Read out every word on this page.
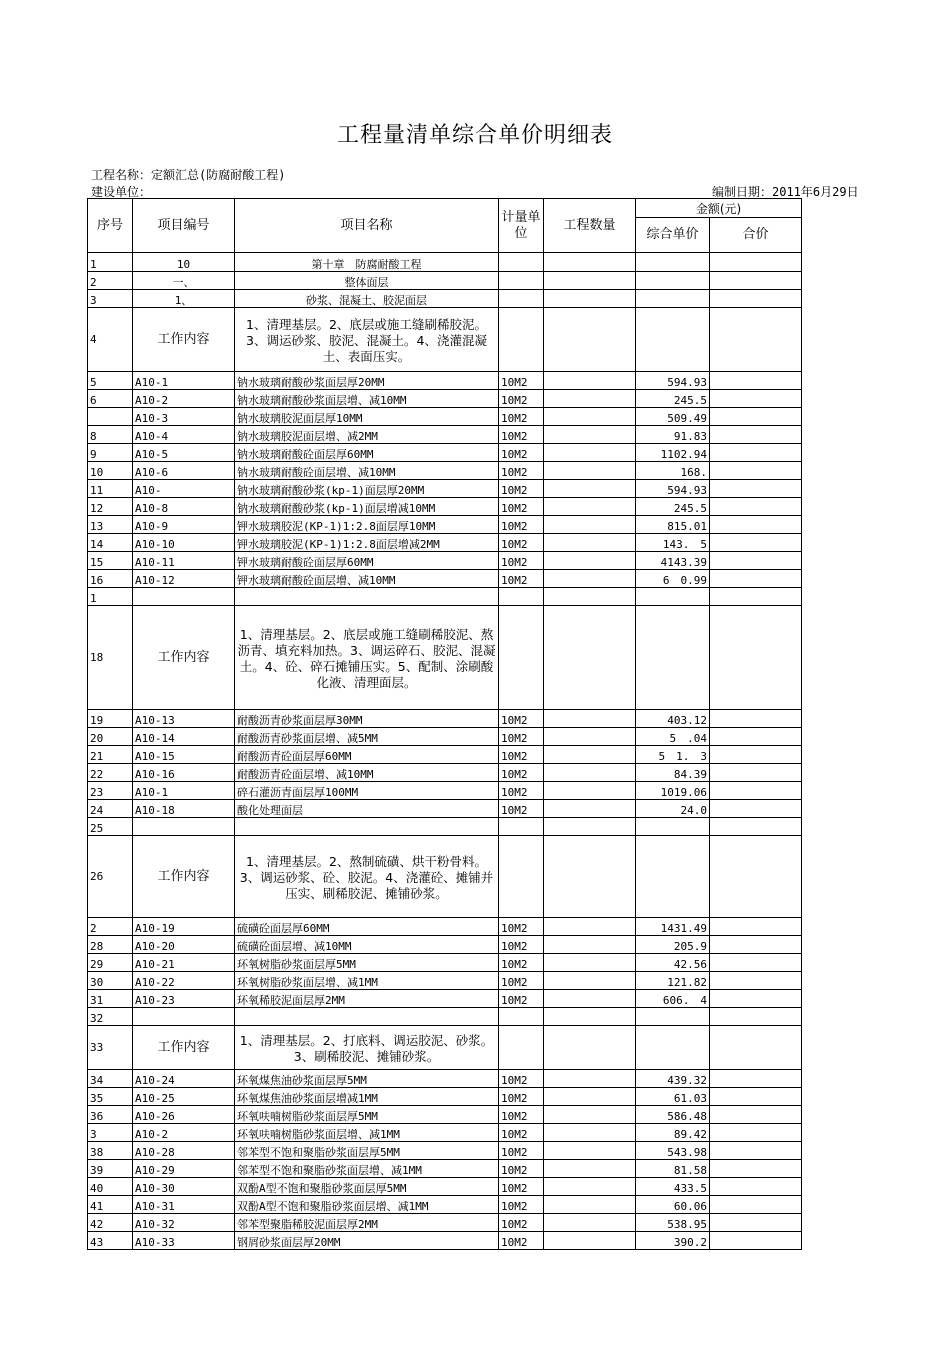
工程量清单综合单价明细表
工程名称：定额汇总(防腐耐酸工程)
建设单位：	编制日期：2011年6月29日
序号	项目编号	项目名称	计量单位	工程数量	金额(元)	
					综合单价	合价
1	10	第十章　防腐耐酸工程				
2	一、	整体面层				
3	1、	砂浆、混凝土、胶泥面层				
4	工作内容	1、清理基层。2、底层或施工缝刷稀胶泥。3、调运砂浆、胶泥、混凝土。4、浇灌混凝土、表面压实。				
5	A10-1	钠水玻璃耐酸砂浆面层厚20MM	10M2		594.93	
6	A10-2	钠水玻璃耐酸砂浆面层增、减10MM	10M2		245.5	
	A10-3	钠水玻璃胶泥面层厚10MM	10M2		509.49	
8	A10-4	钠水玻璃胶泥面层增、减2MM	10M2		91.83	
9	A10-5	钠水玻璃耐酸砼面层厚60MM	10M2		1102.94	
10	A10-6	钠水玻璃耐酸砼面层增、减10MM	10M2		168.	
11	A10-	钠水玻璃耐酸砂浆(kp-1)面层厚20MM	10M2		594.93	
12	A10-8	钠水玻璃耐酸砂浆(kp-1)面层增减10MM	10M2		245.5	
13	A10-9	钾水玻璃胶泥(KP-1)1:2.8面层厚10MM	10M2		815.01	
14	A10-10	钾水玻璃胶泥(KP-1)1:2.8面层增减2MM	10M2		143.　5	
15	A10-11	钾水玻璃耐酸砼面层厚60MM	10M2		4143.39	
16	A10-12	钾水玻璃耐酸砼面层增、减10MM	10M2		6　0.99	
1						
18	工作内容	1、清理基层。2、底层或施工缝刷稀胶泥、熬沥青、填充料加热。3、调运碎石、胶泥、混凝土。4、砼、碎石摊铺压实。5、配制、涂刷酸化液、清理面层。				
19	A10-13	耐酸沥青砂浆面层厚30MM	10M2		403.12	
20	A10-14	耐酸沥青砂浆面层增、减5MM	10M2		5　.04	
21	A10-15	耐酸沥青砼面层厚60MM	10M2		5　1.　3	
22	A10-16	耐酸沥青砼面层增、减10MM	10M2		84.39	
23	A10-1	碎石灌沥青面层厚100MM	10M2		1019.06	
24	A10-18	酸化处理面层	10M2		24.0	
25						
26	工作内容	1、清理基层。2、熬制硫磺、烘干粉骨料。3、调运砂浆、砼、胶泥。4、浇灌砼、摊铺并压实、刷稀胶泥、摊铺砂浆。				
2	A10-19	硫磺砼面层厚60MM	10M2		1431.49	
28	A10-20	硫磺砼面层增、减10MM	10M2		205.9	
29	A10-21	环氧树脂砂浆面层厚5MM	10M2		42.56	
30	A10-22	环氧树脂砂浆面层增、减1MM	10M2		121.82	
31	A10-23	环氧稀胶泥面层厚2MM	10M2		606.　4	
32						
33	工作内容	1、清理基层。2、打底料、调运胶泥、砂浆。3、刷稀胶泥、摊铺砂浆。				
34	A10-24	环氧煤焦油砂浆面层厚5MM	10M2		439.32	
35	A10-25	环氧煤焦油砂浆面层增减1MM	10M2		61.03	
36	A10-26	环氧呋喃树脂砂浆面层厚5MM	10M2		586.48	
3	A10-2	环氧呋喃树脂砂浆面层增、减1MM	10M2		89.42	
38	A10-28	邻苯型不饱和聚脂砂浆面层厚5MM	10M2		543.98	
39	A10-29	邻苯型不饱和聚脂砂浆面层增、减1MM	10M2		81.58	
40	A10-30	双酚A型不饱和聚脂砂浆面层厚5MM	10M2		433.5	
41	A10-31	双酚A型不饱和聚脂砂浆面层增、减1MM	10M2		60.06	
42	A10-32	邻苯型聚脂稀胶泥面层厚2MM	10M2		538.95	
43	A10-33	钢屑砂浆面层厚20MM	10M2		390.2	
